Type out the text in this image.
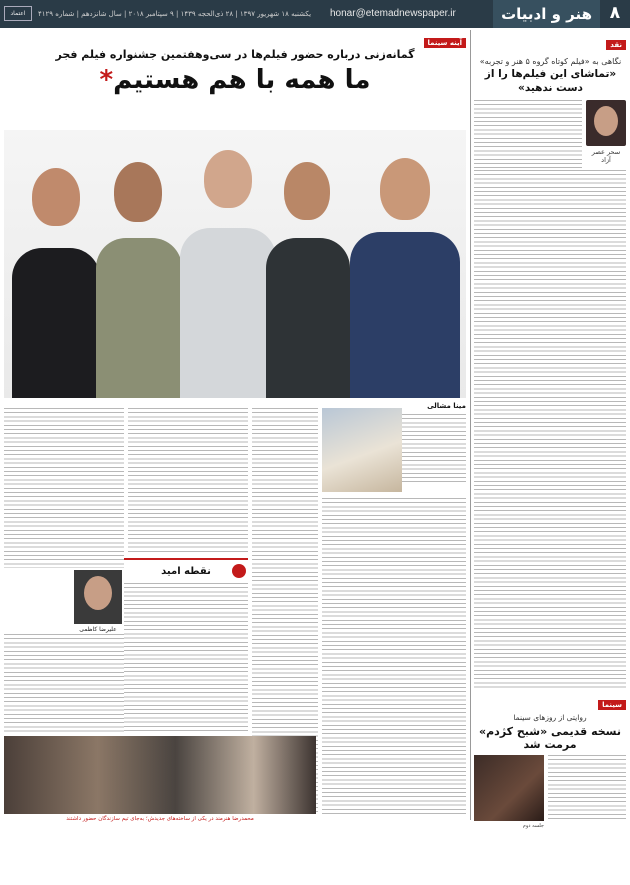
۸
هنر و ادبیات
honar@etemadnewspaper.ir
یکشنبه ۱۸ شهریور ۱۳۹۷ | ۲۸ ذی‌الحجه ۱۴۳۹ | ۹ سپتامبر ۲۰۱۸ | سال شانزدهم | شماره ۴۱۲۹
اعتماد
نقد
نگاهی به «فیلم کوتاه گروه ۵ هنر و تجربه»
«تماشای این فیلم‌ها را از دست ندهید»
سحر عصر آزاد
سینما
روایتی از روزهای سینما
نسخه قدیمی «شبح کژدم» مرمت شد
جلسه دوم
آینه سینما
گمانه‌زنی درباره حضور فیلم‌ها در سی‌وهفتمین جشنواره فیلم فجر
ما همه با هم هستیم*
مینا مشالی
نقطه امید
علیرضا کاظمی
محمدرضا هنرمند در یکی از ساخته‌های جدیدش؛ به‌جای تیم سازندگان حضور داشتند
